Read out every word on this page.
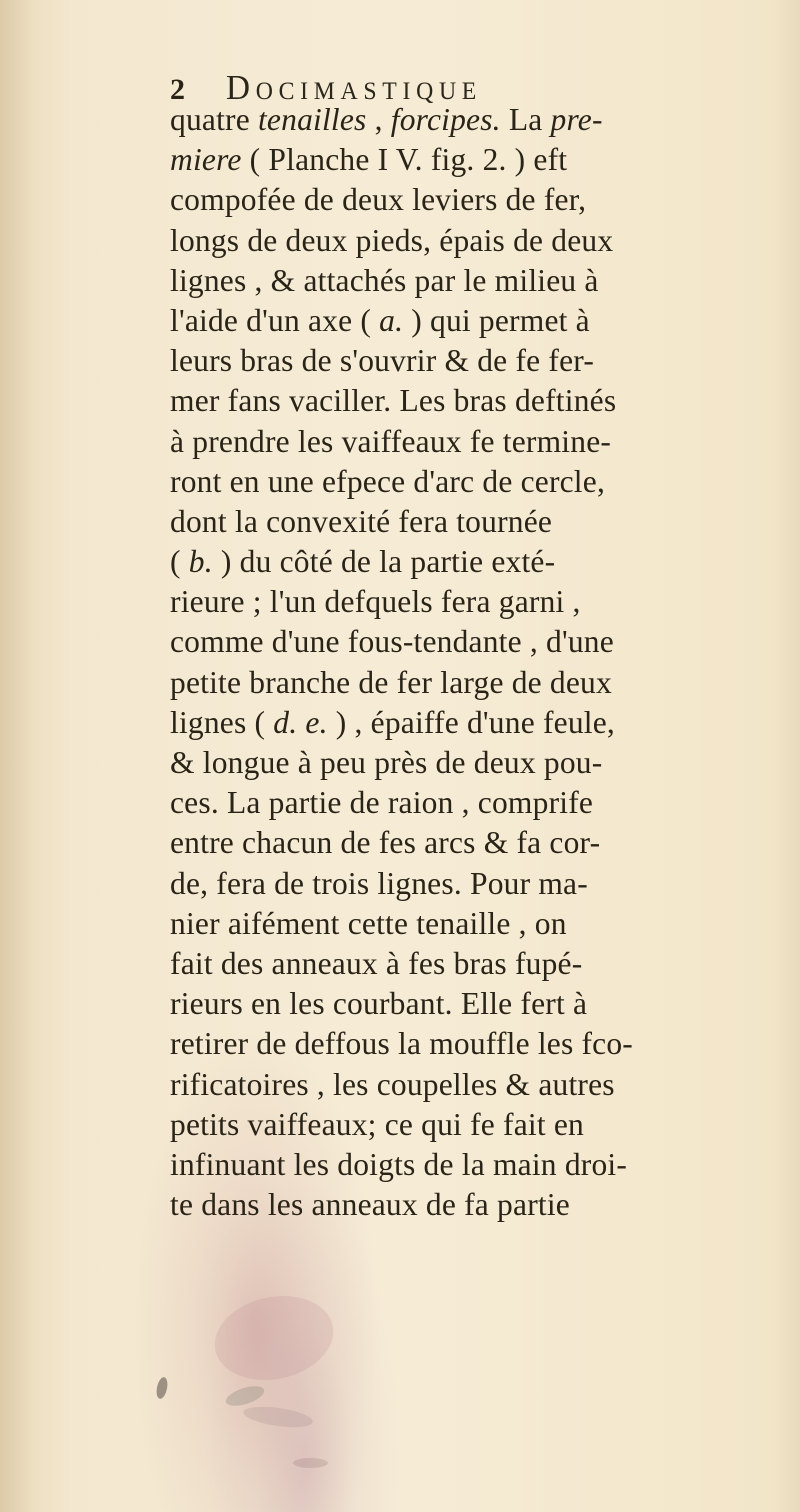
2	Docimastique
quatre tenailles , forcipes. La pre-
miere ( Planche I V. fig. 2. ) eft
compofée de deux leviers de fer,
longs de deux pieds, épais de deux
lignes , & attachés par le milieu à
l'aide d'un axe ( a. ) qui permet à
leurs bras de s'ouvrir & de fe fer-
mer fans vaciller. Les bras deftinés
à prendre les vaiffeaux fe termine-
ront en une efpece d'arc de cercle,
dont la convexité fera tournée
( b. ) du côté de la partie exté-
rieure ; l'un defquels fera garni ,
comme d'une fous-tendante , d'une
petite branche de fer large de deux
lignes ( d. e. ) , épaiffe d'une feule,
& longue à peu près de deux pou-
ces. La partie de raion , comprife
entre chacun de fes arcs & fa cor-
de, fera de trois lignes. Pour ma-
nier aifément cette tenaille , on
fait des anneaux à fes bras fupé-
rieurs en les courbant. Elle fert à
retirer de deffous la mouffle les fco-
rificatoires , les coupelles & autres
petits vaiffeaux; ce qui fe fait en
infinuant les doigts de la main droi-
te dans les anneaux de fa partie
